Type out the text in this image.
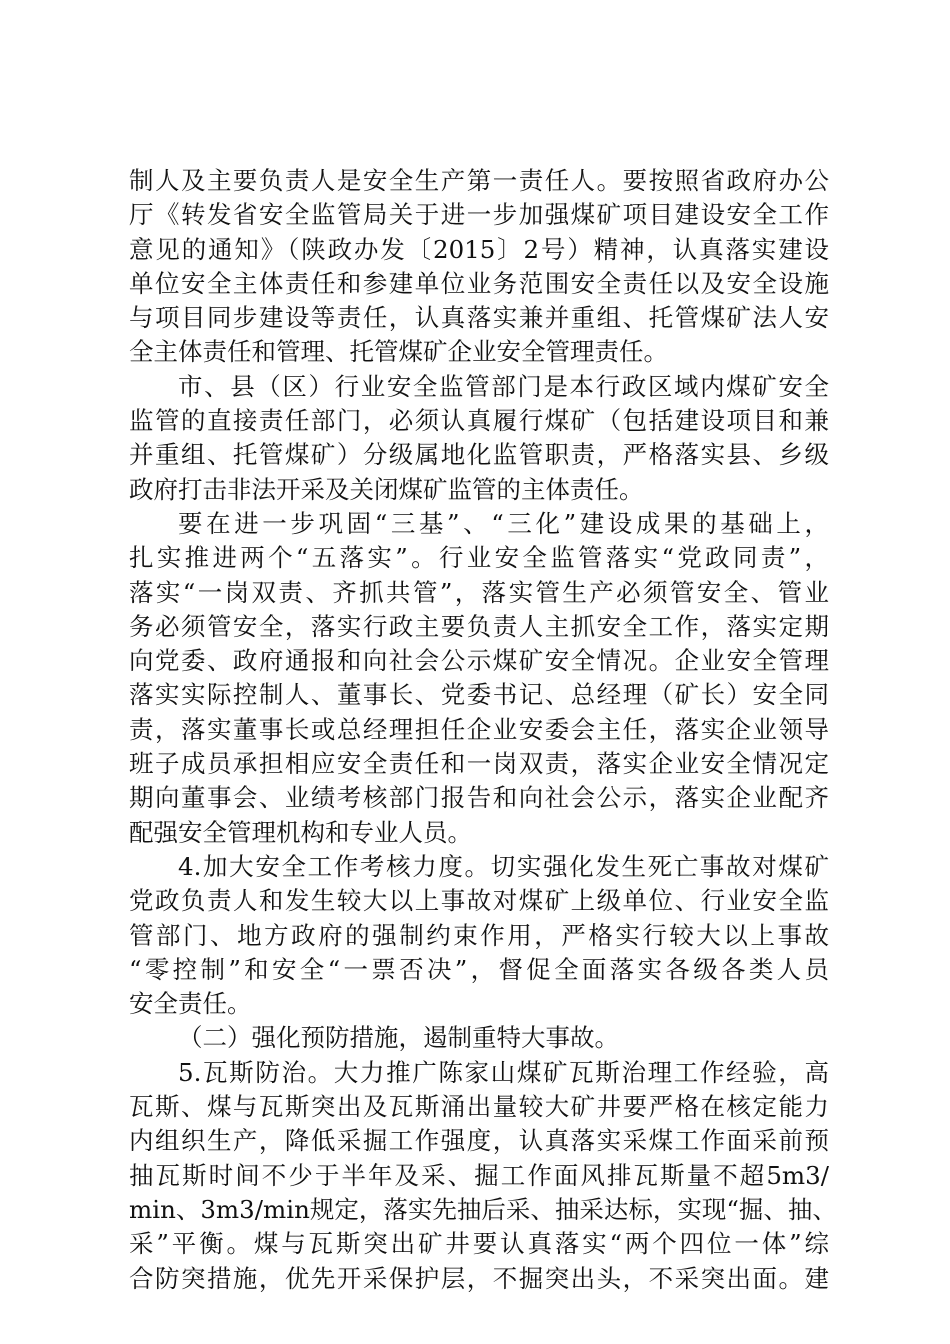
制人及主要负责人是安全生产第一责任人。要按照省政府办公
厅《转发省安全监管局关于进一步加强煤矿项目建设安全工作
意见的通知》（陕政办发〔2015〕2号）精神，认真落实建设
单位安全主体责任和参建单位业务范围安全责任以及安全设施
与项目同步建设等责任，认真落实兼并重组、托管煤矿法人安
全主体责任和管理、托管煤矿企业安全管理责任。
市、县（区）行业安全监管部门是本行政区域内煤矿安全
监管的直接责任部门，必须认真履行煤矿（包括建设项目和兼
并重组、托管煤矿）分级属地化监管职责，严格落实县、乡级
政府打击非法开采及关闭煤矿监管的主体责任。
要在进一步巩固“三基”、“三化”建设成果的基础上，
扎实推进两个“五落实”。行业安全监管落实“党政同责”，
落实“一岗双责、齐抓共管”，落实管生产必须管安全、管业
务必须管安全，落实行政主要负责人主抓安全工作，落实定期
向党委、政府通报和向社会公示煤矿安全情况。企业安全管理
落实实际控制人、董事长、党委书记、总经理（矿长）安全同
责，落实董事长或总经理担任企业安委会主任，落实企业领导
班子成员承担相应安全责任和一岗双责，落实企业安全情况定
期向董事会、业绩考核部门报告和向社会公示，落实企业配齐
配强安全管理机构和专业人员。
4.加大安全工作考核力度。切实强化发生死亡事故对煤矿
党政负责人和发生较大以上事故对煤矿上级单位、行业安全监
管部门、地方政府的强制约束作用，严格实行较大以上事故
“零控制”和安全“一票否决”，督促全面落实各级各类人员
安全责任。
（二）强化预防措施，遏制重特大事故。
5.瓦斯防治。大力推广陈家山煤矿瓦斯治理工作经验，高
瓦斯、煤与瓦斯突出及瓦斯涌出量较大矿井要严格在核定能力
内组织生产，降低采掘工作强度，认真落实采煤工作面采前预
抽瓦斯时间不少于半年及采、掘工作面风排瓦斯量不超5m3/
min、3m3/min规定，落实先抽后采、抽采达标，实现“掘、抽、
采”平衡。煤与瓦斯突出矿井要认真落实“两个四位一体”综
合防突措施，优先开采保护层，不掘突出头，不采突出面。建
